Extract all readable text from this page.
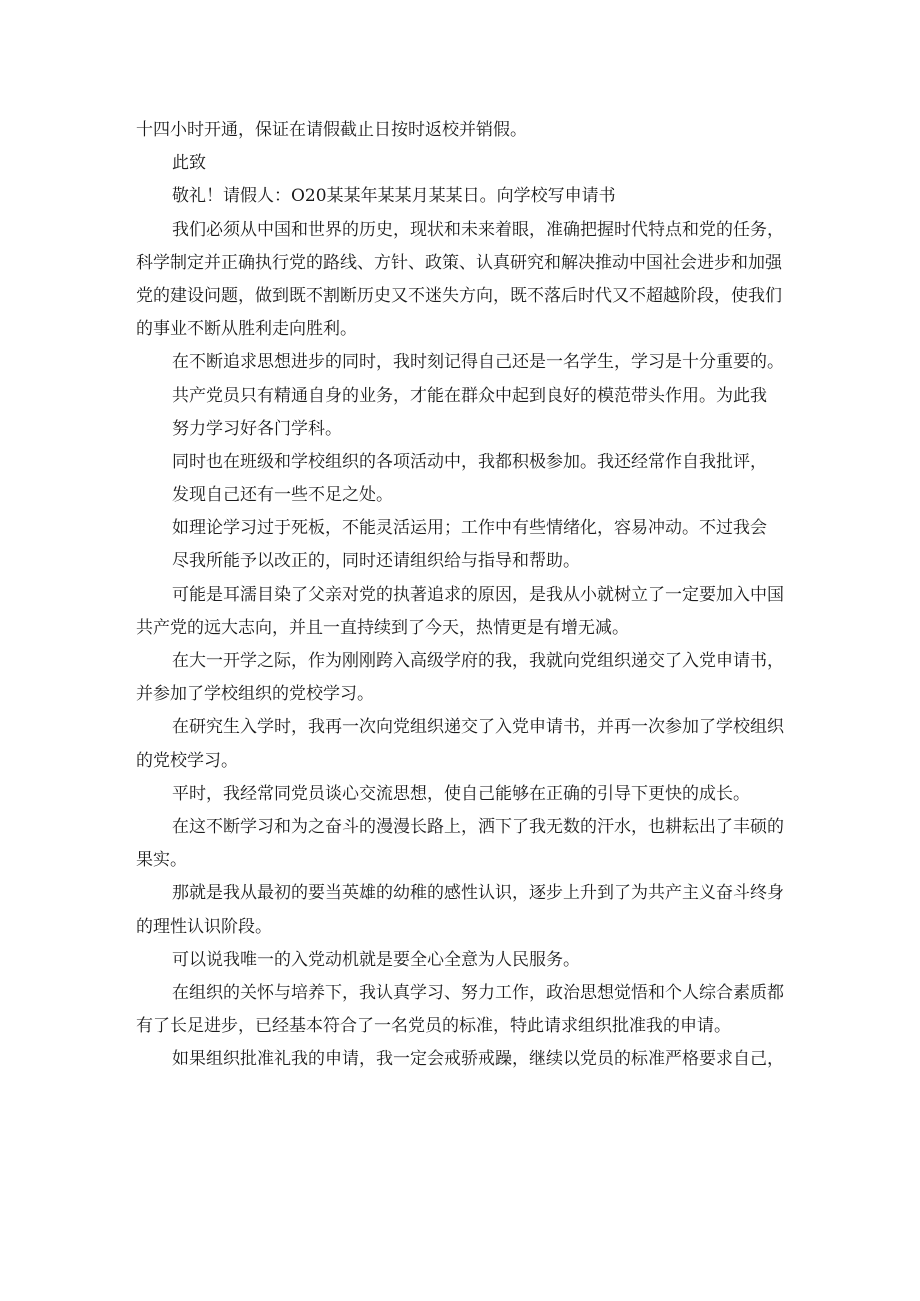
十四小时开通，保证在请假截止日按时返校并销假。
此致
敬礼！请假人：O20某某年某某月某某日。向学校写申请书
我们必须从中国和世界的历史，现状和未来着眼，准确把握时代特点和党的任务，
科学制定并正确执行党的路线、方针、政策、认真研究和解决推动中国社会进步和加强
党的建设问题，做到既不割断历史又不迷失方向，既不落后时代又不超越阶段，使我们
的事业不断从胜利走向胜利。
在不断追求思想进步的同时，我时刻记得自己还是一名学生，学习是十分重要的。
共产党员只有精通自身的业务，才能在群众中起到良好的模范带头作用。为此我
努力学习好各门学科。
同时也在班级和学校组织的各项活动中，我都积极参加。我还经常作自我批评，
发现自己还有一些不足之处。
如理论学习过于死板，不能灵活运用；工作中有些情绪化，容易冲动。不过我会
尽我所能予以改正的，同时还请组织给与指导和帮助。
可能是耳濡目染了父亲对党的执著追求的原因，是我从小就树立了一定要加入中国
共产党的远大志向，并且一直持续到了今天，热情更是有增无减。
在大一开学之际，作为刚刚跨入高级学府的我，我就向党组织递交了入党申请书，
并参加了学校组织的党校学习。
在研究生入学时，我再一次向党组织递交了入党申请书，并再一次参加了学校组织
的党校学习。
平时，我经常同党员谈心交流思想，使自己能够在正确的引导下更快的成长。
在这不断学习和为之奋斗的漫漫长路上，洒下了我无数的汗水，也耕耘出了丰硕的
果实。
那就是我从最初的要当英雄的幼稚的感性认识，逐步上升到了为共产主义奋斗终身
的理性认识阶段。
可以说我唯一的入党动机就是要全心全意为人民服务。
在组织的关怀与培养下，我认真学习、努力工作，政治思想觉悟和个人综合素质都
有了长足进步，已经基本符合了一名党员的标准，特此请求组织批准我的申请。
如果组织批准礼我的申请，我一定会戒骄戒躁，继续以党员的标准严格要求自己，
